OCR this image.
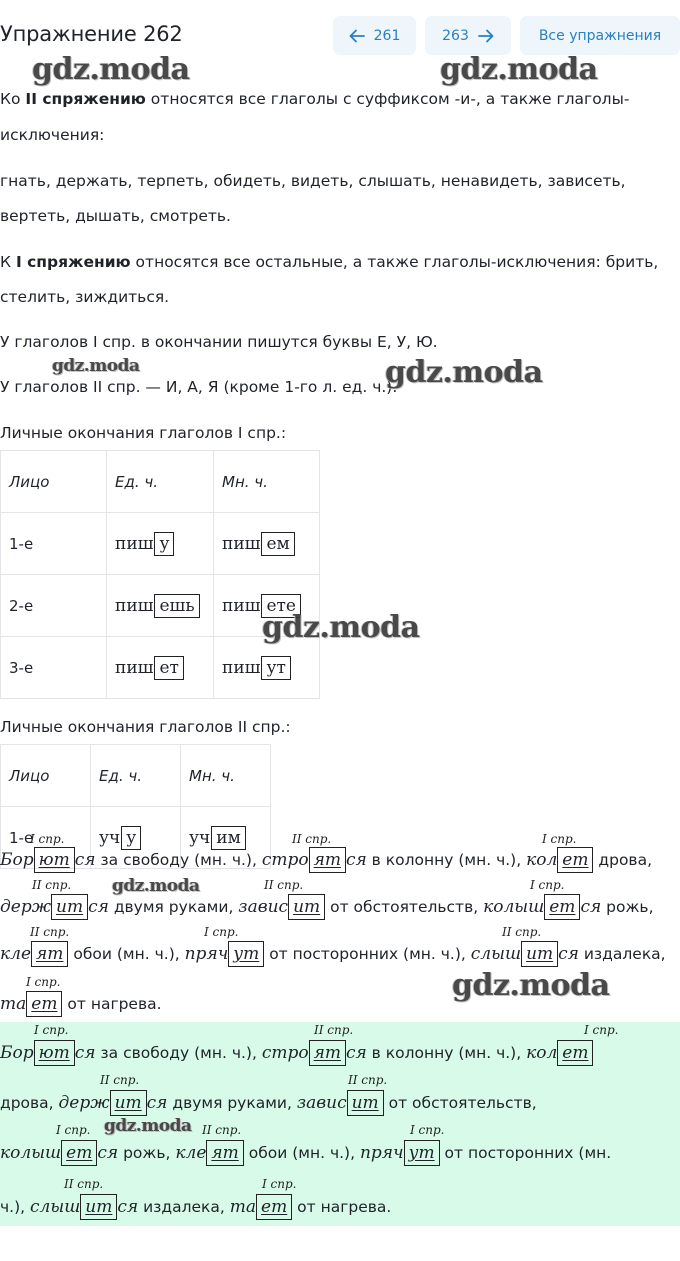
Упражнение 262	261	263	Все упражнения
Ко II спряжению относятся все глаголы с суффиксом -и-, а также глаголы-
исключения:
гнать, держать, терпеть, обидеть, видеть, слышать, ненавидеть, зависеть,
вертеть, дышать, смотреть.
К I спряжению относятся все остальные, а также глаголы-исключения: брить,
стелить, зиждиться.
У глаголов I спр. в окончании пишутся буквы Е, У, Ю.
У глаголов II спр. — И, А, Я (кроме 1-го л. ед. ч.).
Личные окончания глаголов I спр.:
Лицо	Ед. ч.	Мн. ч.
1-е	пиш у	пиш ем
2-е	пиш ешь	пиш ете
3-е	пиш ет	пиш ут
Личные окончания глаголов II спр.:
Лицо	Ед. ч.	Мн. ч.
1-е	уч у	уч им
I спр.	II спр.	I спр.
Бор ют ся за свободу (мн. ч.), стро ят ся в колонну (мн. ч.), кол ет дрова,
II спр.	II спр.	I спр.
держ ит ся двумя руками, завис ит от обстоятельств, колыш ет ся рожь,
II спр.	I спр.	II спр.
кле ят обои (мн. ч.), пряч ут от посторонних (мн. ч.), слыш ит ся издалека,
I спр.
та ет от нагрева.
I спр.	II спр.	I спр.
Бор ют ся за свободу (мн. ч.), стро ят ся в колонну (мн. ч.), кол ет
II спр.	II спр.
дрова, держ ит ся двумя руками, завис ит от обстоятельств,
I спр.	II спр.	I спр.
колыш ет ся рожь, кле ят обои (мн. ч.), пряч ут от посторонних (мн.
II спр.	I спр.
ч.), слыш ит ся издалека, та ет от нагрева.
gdz.moda	gdz.moda
gdz.moda	gdz.moda
gdz.moda
gdz.moda
gdz.moda
gdz.moda
